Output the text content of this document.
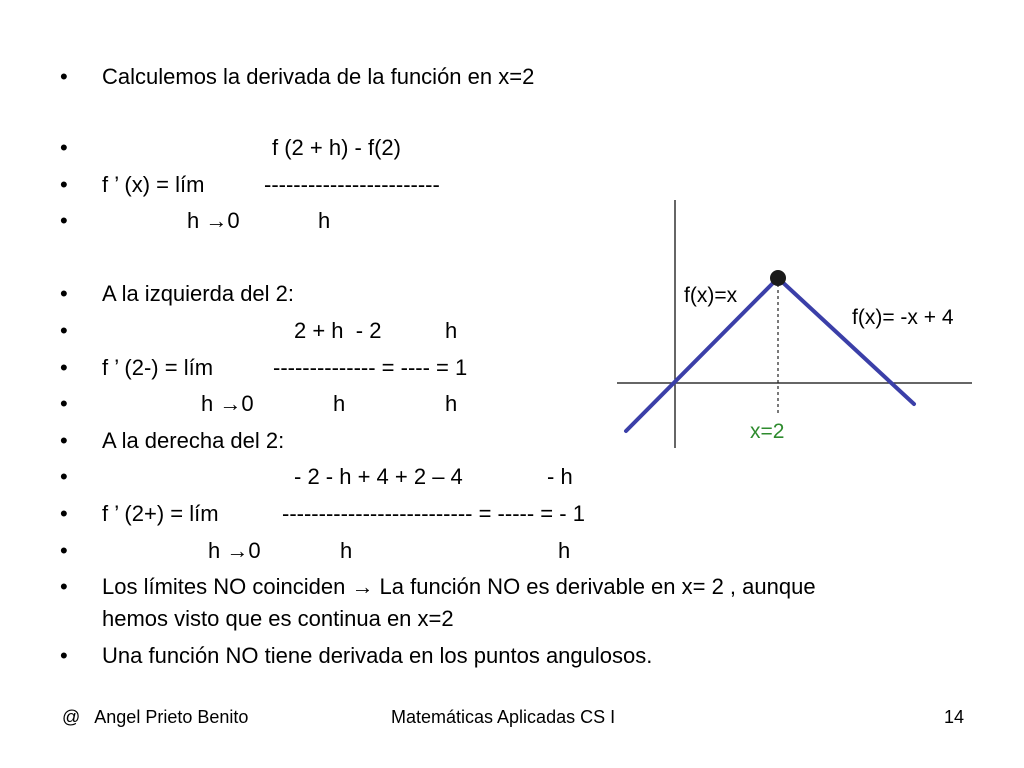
•
•
•
•
•
•
•
•
•
•
•
•
•
•
Calculemos la derivada de la función en x=2
f (2 + h) - f(2)
f ’ (x) = lím	------------------------
h →0	h
A la izquierda del 2:
2 + h  - 2	h
f ’ (2-) = lím	-------------- = ---- = 1
h →0	h	h
A la derecha del 2:
- 2 - h + 4 + 2 – 4	- h
f ’ (2+) = lím	-------------------------- = ----- = - 1
h →0	h	h
Los límites NO coinciden → La función NO es derivable en x= 2 , aunque
hemos visto que es continua en x=2
Una función NO tiene derivada en los puntos angulosos.
f(x)=x
f(x)= -x + 4
x=2
@   Angel Prieto Benito	Matemáticas Aplicadas CS I	14
